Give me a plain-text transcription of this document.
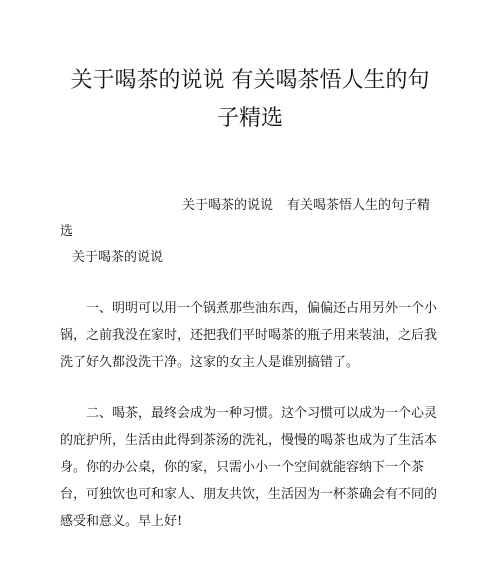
关于喝茶的说说 有关喝茶悟人生的句
子精选
关于喝茶的说说 有关喝茶悟人生的句子精
选
关于喝茶的说说

一、明明可以用一个锅煮那些油东西，偏偏还占用另外一个小锅，之前我没在家时，还把我们平时喝茶的瓶子用来装油，之后我洗了好久都没洗干净。这家的女主人是谁别搞错了。

二、喝茶，最终会成为一种习惯。这个习惯可以成为一个心灵的庇护所，生活由此得到茶汤的洗礼，慢慢的喝茶也成为了生活本身。你的办公桌，你的家，只需小小一个空间就能容纳下一个茶台，可独饮也可和家人、朋友共饮，生活因为一杯茶确会有不同的感受和意义。早上好!
